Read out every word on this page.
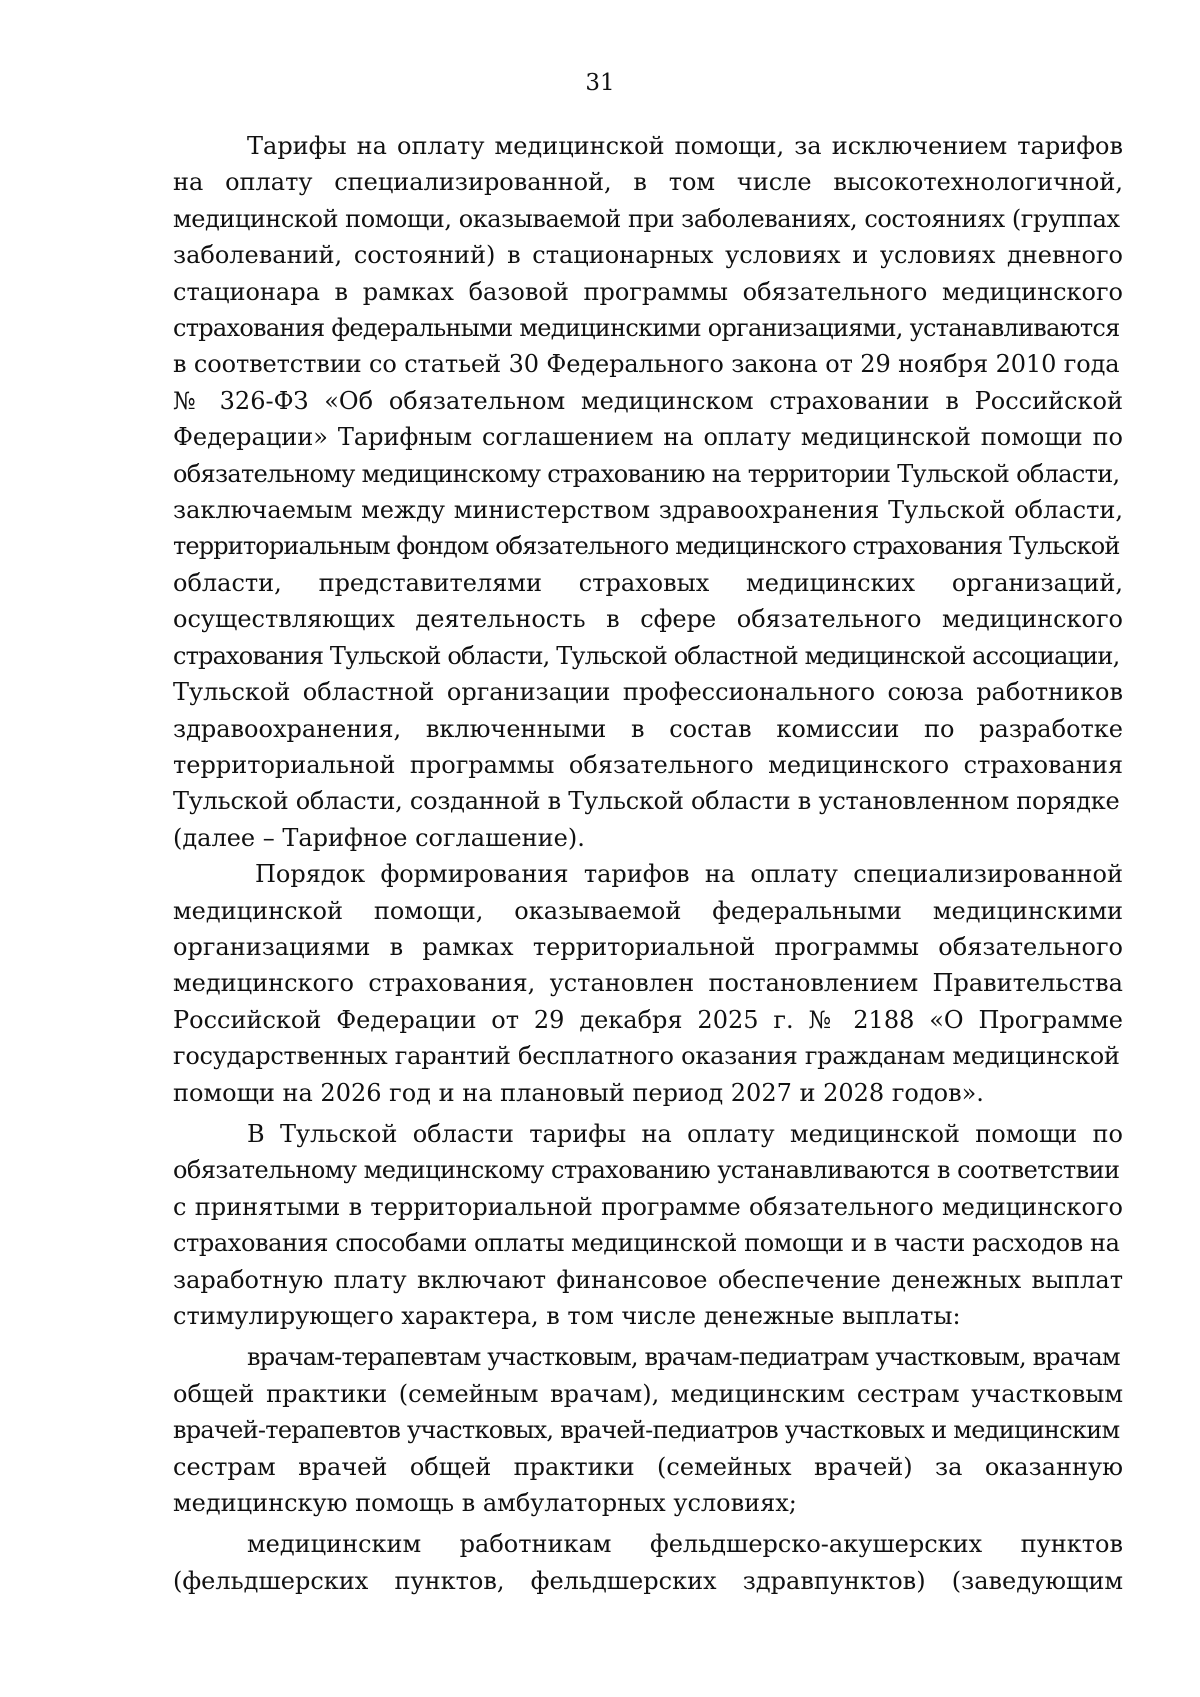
31
Тарифы на оплату медицинской помощи, за исключением тарифов
на оплату специализированной, в том числе высокотехнологичной,
медицинской помощи, оказываемой при заболеваниях, состояниях (группах
заболеваний, состояний) в стационарных условиях и условиях дневного
стационара в рамках базовой программы обязательного медицинского
страхования федеральными медицинскими организациями, устанавливаются
в соответствии со статьей 30 Федерального закона от 29 ноября 2010 года
№ 326-ФЗ «Об обязательном медицинском страховании в Российской
Федерации» Тарифным соглашением на оплату медицинской помощи по
обязательному медицинскому страхованию на территории Тульской области,
заключаемым между министерством здравоохранения Тульской области,
территориальным фондом обязательного медицинского страхования Тульской
области, представителями страховых медицинских организаций,
осуществляющих деятельность в сфере обязательного медицинского
страхования Тульской области, Тульской областной медицинской ассоциации,
Тульской областной организации профессионального союза работников
здравоохранения, включенными в состав комиссии по разработке
территориальной программы обязательного медицинского страхования
Тульской области, созданной в Тульской области в установленном порядке
(далее – Тарифное соглашение).
Порядок формирования тарифов на оплату специализированной
медицинской помощи, оказываемой федеральными медицинскими
организациями в рамках территориальной программы обязательного
медицинского страхования, установлен постановлением Правительства
Российской Федерации от 29 декабря 2025 г. № 2188 «О Программе
государственных гарантий бесплатного оказания гражданам медицинской
помощи на 2026 год и на плановый период 2027 и 2028 годов».
В Тульской области тарифы на оплату медицинской помощи по
обязательному медицинскому страхованию устанавливаются в соответствии
с принятыми в территориальной программе обязательного медицинского
страхования способами оплаты медицинской помощи и в части расходов на
заработную плату включают финансовое обеспечение денежных выплат
стимулирующего характера, в том числе денежные выплаты:
врачам-терапевтам участковым, врачам-педиатрам участковым, врачам
общей практики (семейным врачам), медицинским сестрам участковым
врачей-терапевтов участковых, врачей-педиатров участковых и медицинским
сестрам врачей общей практики (семейных врачей) за оказанную
медицинскую помощь в амбулаторных условиях;
медицинским работникам фельдшерско-акушерских пунктов
(фельдшерских пунктов, фельдшерских здравпунктов) (заведующим
